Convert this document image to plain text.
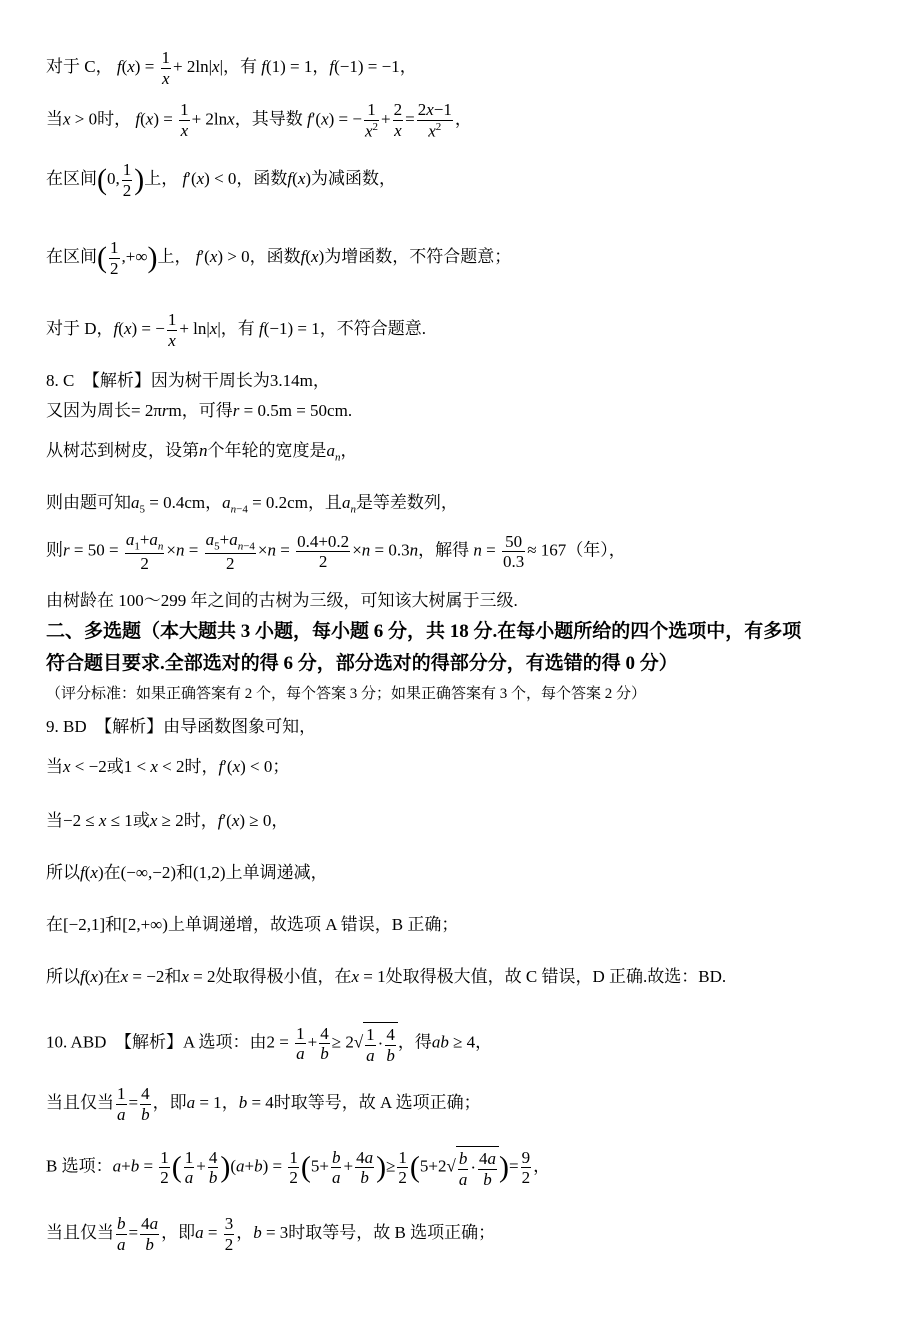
对于 C， $f(x) = \frac{1}{x} + 2\ln|x|$，有 f(1) = 1，f(−1) = −1，
当x > 0时， $f(x) = \frac{1}{x} + 2\ln x$，其导数 f′(x) = − $\frac{1}{x^2} + \frac{2}{x} = \frac{2x-1}{x^2}$ ，
在区间(0, $\frac{1}{2}$ )上， f′(x) < 0，函数f(x)为减函数，
在区间( $\frac{1}{2}$ ,+∞)上， f′(x) > 0，函数f(x)为增函数，不符合题意；
对于 D，f(x) = − $\frac{1}{x} + \ln|x|$，有 f(−1) = 1，不符合题意.
8. C　【解析】因为树干周长为3.14m，
又因为周长= 2πrm，可得r = 0.5m = 50cm.
从树芯到树皮，设第n个年轮的宽度是$a_n$，
则由题可知$a_5 = 0.4cm$，$a_{n-4} = 0.2cm$，且$a_n$是等差数列，
则$r = 50 = \frac{a_1+a_n}{2} \times n = \frac{a_5+a_{n-4}}{2} \times n = \frac{0.4+0.2}{2} \times n = 0.3n$，解得 $n = \frac{50}{0.3} \approx 167$（年），
由树龄在 100～299 年之间的古树为三级，可知该大树属于三级.
二、多选题（本大题共 3 小题，每小题 6 分，共 18 分.在每小题所给的四个选项中，有多项
符合题目要求.全部选对的得 6 分，部分选对的得部分分，有选错的得 0 分）
（评分标准：如果正确答案有 2 个，每个答案 3 分；如果正确答案有 3 个，每个答案 2 分）
9. BD　【解析】由导函数图象可知，
当x < −2或1 < x < 2时，f′(x) < 0；
当−2 ≤ x ≤ 1或x ≥ 2时，f′(x) ≥ 0，
所以f(x)在(−∞,−2)和(1,2)上单调递减，
在[−2,1]和[2,+∞)上单调递增，故选项 A 错误，B 正确；
所以f(x)在x = −2和x = 2处取得极小值，在x = 1处取得极大值，故 C 错误，D 正确.故选：BD.
10. ABD　【解析】A 选项：由$2 = \frac{1}{a} + \frac{4}{b} \ge 2√ \frac{1}{a} \cdot \frac{4}{b}$ ，得ab ≥ 4，
当且仅当 $\frac{1}{a} = \frac{4}{b}$ ，即a = 1，b = 4时取等号，故 A 选项正确；
B 选项：$a+b = \frac{1}{2}$ ( $\frac{1}{a} + \frac{4}{b} )(a+b) = \frac{1}{2} (5+ \frac{b}{a} + \frac{4a}{b}$ )≥ $\frac{1}{2} (5+2√ \frac{b}{a} \cdot \frac{4a}{b}$ )= $\frac{9}{2}$ ，
当且仅当 $\frac{b}{a} = \frac{4a}{b}$ ，即$a = \frac{3}{2}$ ，b = 3时取等号，故 B 选项正确；
